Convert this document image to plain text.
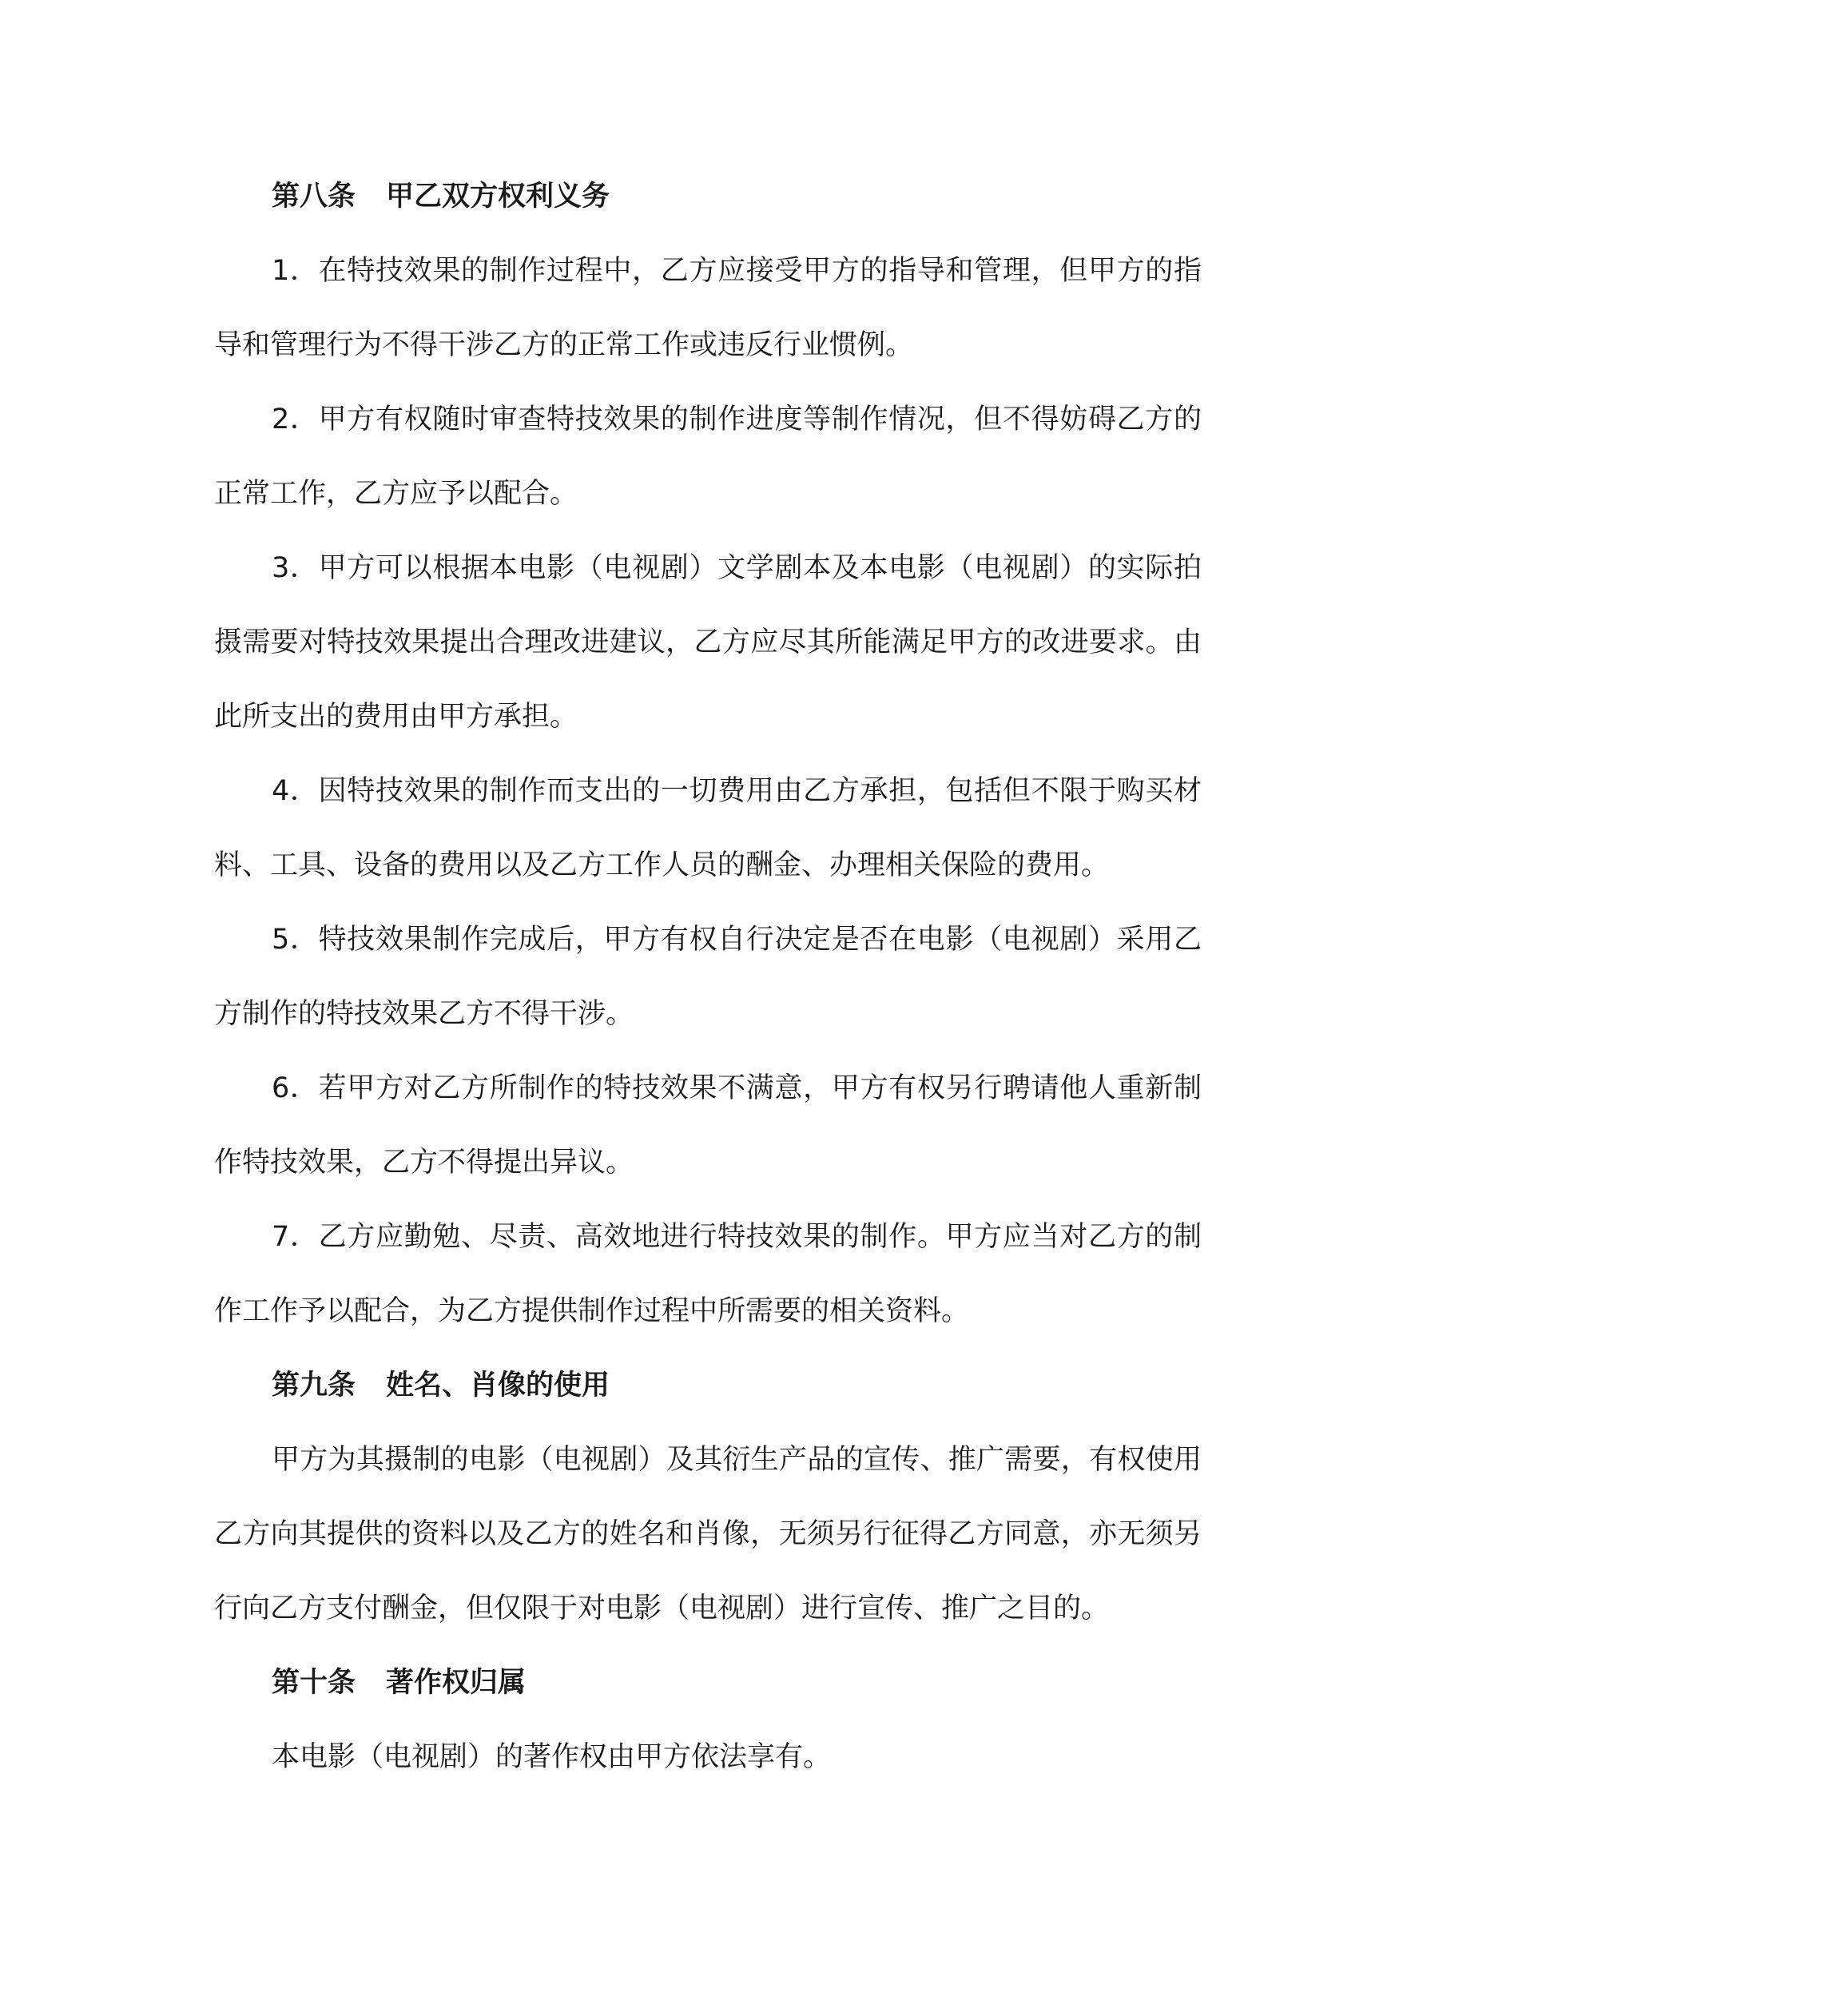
第八条 甲乙双方权利义务
1．在特技效果的制作过程中，乙方应接受甲方的指导和管理，但甲方的指
导和管理行为不得干涉乙方的正常工作或违反行业惯例。
2．甲方有权随时审查特技效果的制作进度等制作情况，但不得妨碍乙方的
正常工作，乙方应予以配合。
3．甲方可以根据本电影（电视剧）文学剧本及本电影（电视剧）的实际拍
摄需要对特技效果提出合理改进建议，乙方应尽其所能满足甲方的改进要求。由
此所支出的费用由甲方承担。
4．因特技效果的制作而支出的一切费用由乙方承担，包括但不限于购买材
料、工具、设备的费用以及乙方工作人员的酬金、办理相关保险的费用。
5．特技效果制作完成后，甲方有权自行决定是否在电影（电视剧）采用乙
方制作的特技效果乙方不得干涉。
6．若甲方对乙方所制作的特技效果不满意，甲方有权另行聘请他人重新制
作特技效果，乙方不得提出异议。
7．乙方应勤勉、尽责、高效地进行特技效果的制作。甲方应当对乙方的制
作工作予以配合，为乙方提供制作过程中所需要的相关资料。
第九条 姓名、肖像的使用
甲方为其摄制的电影（电视剧）及其衍生产品的宣传、推广需要，有权使用
乙方向其提供的资料以及乙方的姓名和肖像，无须另行征得乙方同意，亦无须另
行向乙方支付酬金，但仅限于对电影（电视剧）进行宣传、推广之目的。
第十条 著作权归属
本电影（电视剧）的著作权由甲方依法享有。
